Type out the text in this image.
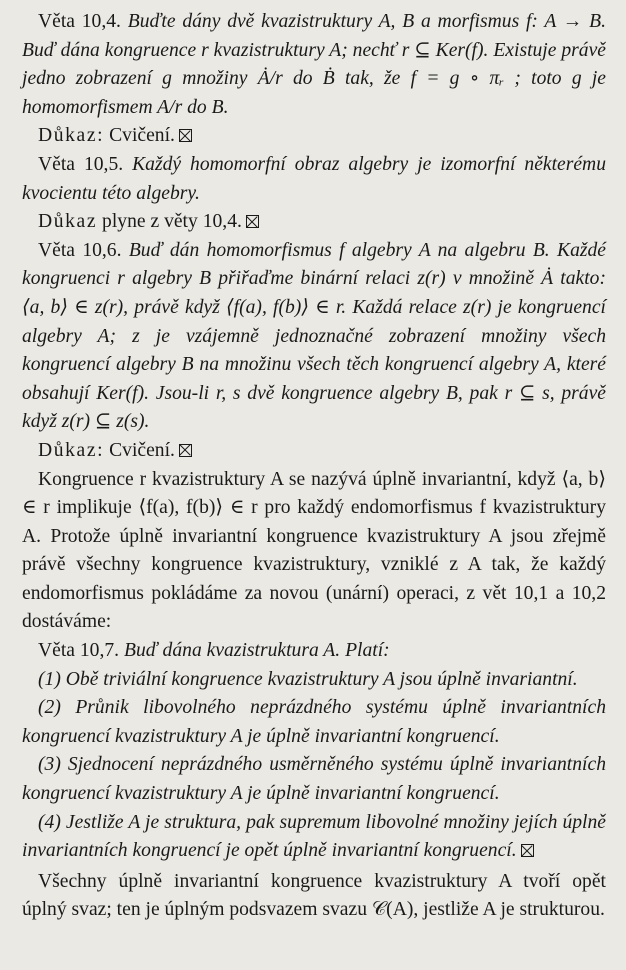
Věta 10,4. Buďte dány dvě kvazistruktury A, B a morfismus f: A → B. Buď dána kongruence r kvazistruktury A; nechť r ⊆ Ker(f). Existuje právě jedno zobrazení g množiny Ȧ/r do Ḃ tak, že f = g ∘ πᵣ ; toto g je homomorfismem A/r do B.

Důkaz: Cvičení.

Věta 10,5. Každý homomorfní obraz algebry je izomorfní některému kvocientu této algebry.

Důkaz plyne z věty 10,4.

Věta 10,6. Buď dán homomorfismus f algebry A na algebru B. Každé kongruenci r algebry B přiřaďme binární relaci z(r) v množině Ȧ takto: ⟨a, b⟩ ∈ z(r), právě když ⟨f(a), f(b)⟩ ∈ r. Každá relace z(r) je kongruencí algebry A; z je vzájemně jednoznačné zobrazení množiny všech kongruencí algebry B na množinu všech těch kongruencí algebry A, které obsahují Ker(f). Jsou-li r, s dvě kongruence algebry B, pak r ⊆ s, právě když z(r) ⊆ z(s).

Důkaz: Cvičení.

Kongruence r kvazistruktury A se nazývá úplně invariantní, když ⟨a, b⟩ ∈ r implikuje ⟨f(a), f(b)⟩ ∈ r pro každý endomorfismus f kvazistruktury A. Protože úplně invariantní kongruence kvazistruktury A jsou zřejmě právě všechny kongruence kvazistruktury, vzniklé z A tak, že každý endomorfismus pokládáme za novou (unární) operaci, z vět 10,1 a 10,2 dostáváme:

Věta 10,7. Buď dána kvazistruktura A. Platí:

(1) Obě triviální kongruence kvazistruktury A jsou úplně invariantní.

(2) Průnik libovolného neprázdného systému úplně invariantních kongruencí kvazistruktury A je úplně invariantní kongruencí.

(3) Sjednocení neprázdného usměrněného systému úplně invariantních kongruencí kvazistruktury A je úplně invariantní kongruencí.

(4) Jestliže A je struktura, pak supremum libovolné množiny jejích úplně invariantních kongruencí je opět úplně invariantní kongruencí.

Všechny úplně invariantní kongruence kvazistruktury A tvoří opět úplný svaz; ten je úplným podsvazem svazu 𝒞(A), jestliže A je strukturou.
